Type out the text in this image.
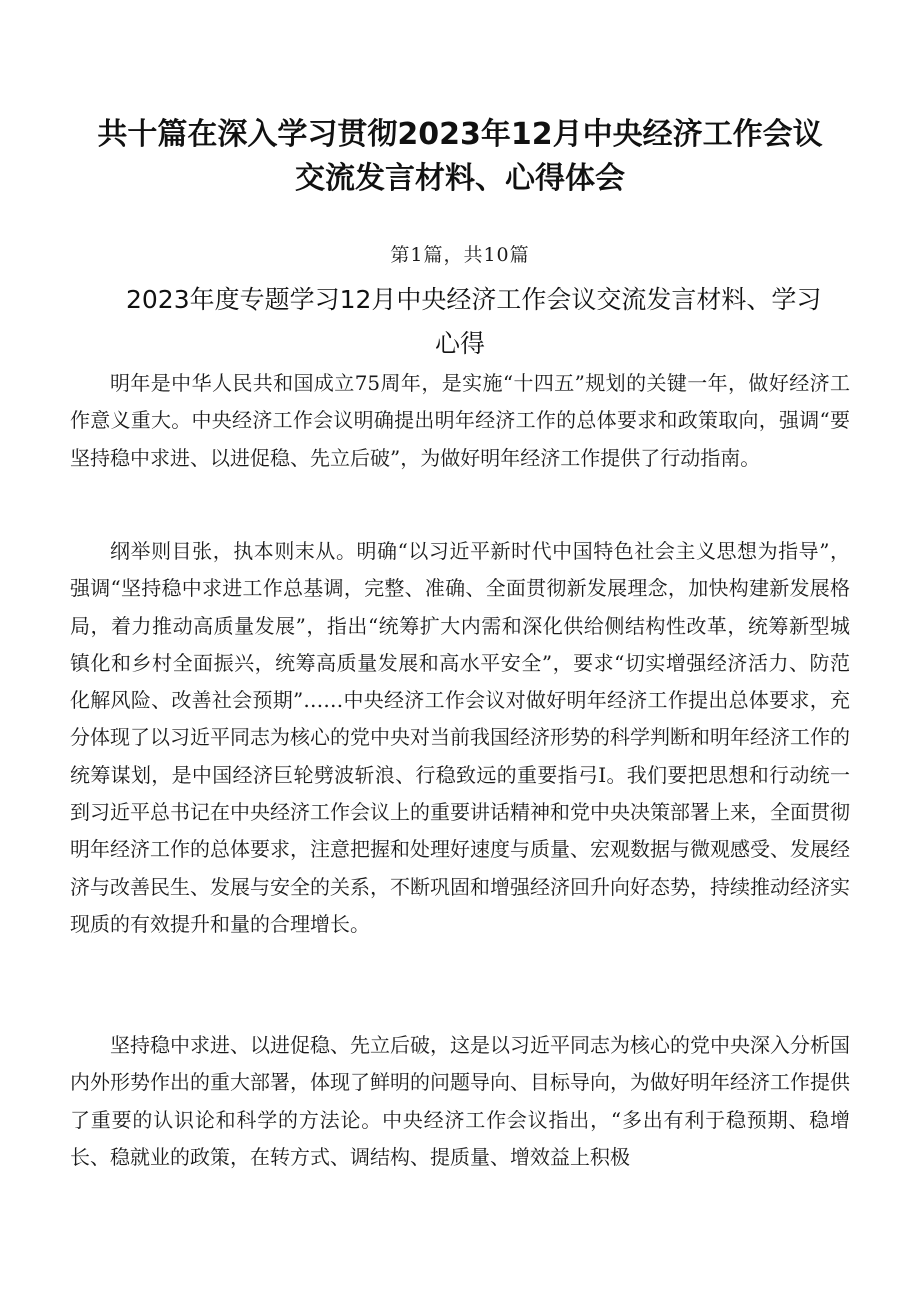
共十篇在深入学习贯彻2023年12月中央经济工作会议
交流发言材料、心得体会
第1篇，共10篇
2023年度专题学习12月中央经济工作会议交流发言材料、学习
心得

明年是中华人民共和国成立75周年，是实施“十四五”规划的关键一年，做好经济工作意义重大。中央经济工作会议明确提出明年经济工作的总体要求和政策取向，强调“要坚持稳中求进、以进促稳、先立后破”，为做好明年经济工作提供了行动指南。

纲举则目张，执本则末从。明确“以习近平新时代中国特色社会主义思想为指导”，强调“坚持稳中求进工作总基调，完整、准确、全面贯彻新发展理念，加快构建新发展格局，着力推动高质量发展”，指出“统筹扩大内需和深化供给侧结构性改革，统筹新型城镇化和乡村全面振兴，统筹高质量发展和高水平安全”，要求“切实增强经济活力、防范化解风险、改善社会预期”……中央经济工作会议对做好明年经济工作提出总体要求，充分体现了以习近平同志为核心的党中央对当前我国经济形势的科学判断和明年经济工作的统筹谋划，是中国经济巨轮劈波斩浪、行稳致远的重要指弓I。我们要把思想和行动统一到习近平总书记在中央经济工作会议上的重要讲话精神和党中央决策部署上来，全面贯彻明年经济工作的总体要求，注意把握和处理好速度与质量、宏观数据与微观感受、发展经济与改善民生、发展与安全的关系，不断巩固和增强经济回升向好态势，持续推动经济实现质的有效提升和量的合理增长。

坚持稳中求进、以进促稳、先立后破，这是以习近平同志为核心的党中央深入分析国内外形势作出的重大部署，体现了鲜明的问题导向、目标导向，为做好明年经济工作提供了重要的认识论和科学的方法论。中央经济工作会议指出，“多出有利于稳预期、稳增长、稳就业的政策，在转方式、调结构、提质量、增效益上积极
